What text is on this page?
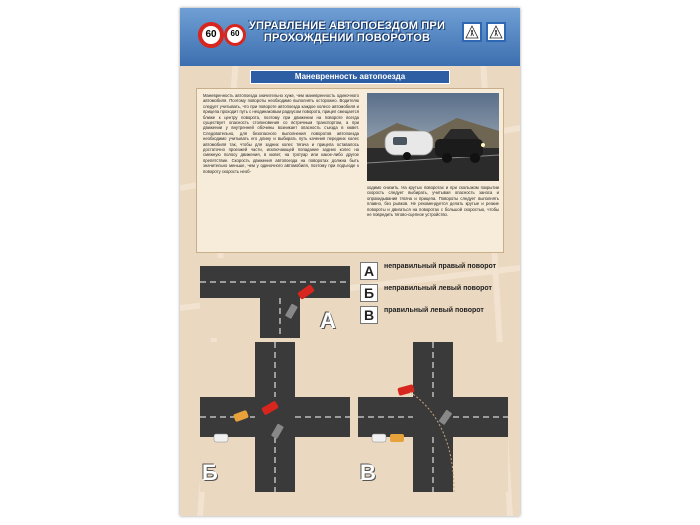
60	60
УПРАВЛЕНИЕ АВТОПОЕЗДОМ ПРИ ПРОХОЖДЕНИИ ПОВОРОТОВ
Маневренность автопоезда
Маневренность автопоезда значительно хуже, чем маневренность одиночного автомобиля. Поэтому повороты необходимо выполнять осторожно. Водителю следует учитывать, что при повороте автопоезда каждое колесо автомобиля и прицепа проходит путь с неодинаковым радиусом поворота, прицеп смещается ближе к центру поворота, поэтому при движении на повороте всегда существует опасность столкновения со встречным транспортом, а при движении у внутренней обочины возникает опасность съезда в кювет. Следовательно, для безопасного выполнения поворотов автопоезда необходимо учитывать его длину и выбирать путь качения передних колес автомобиля так, чтобы для задних колес тягача и прицепа оставалось достаточно проезжей части, исключающей попадание задних колес на смежную полосу движения, в кювет, на тротуар или какое-либо другое препятствие. Скорость движения автопоезда на поворотах должна быть значительно меньше, чем у одиночного автомобиля, поэтому при подъезде к повороту скорость необ-
ходимо снизить. На крутых поворотах и при скользком покрытии скорость следует выбирать, учитывая опасность заноса и опрокидывания тягача и прицепа. Повороты следует выполнять плавно, без рывков. Не рекомендуется делать крутые и резкие повороты и двигаться на поворотах с большой скоростью, чтобы не повредить тягово-сцепное устройство.
А
А	неправильный правый поворот
Б	неправильный левый поворот
В	правильный левый поворот
Б	В
